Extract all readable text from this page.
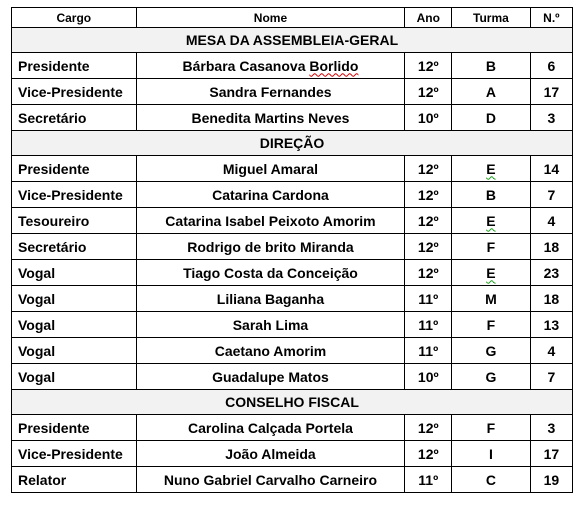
Cargo	Nome	Ano	Turma	N.º
MESA DA ASSEMBLEIA-GERAL				
Presidente	Bárbara Casanova Borlido	12º	B	6
Vice-Presidente	Sandra Fernandes	12º	A	17
Secretário	Benedita Martins Neves	10º	D	3
DIREÇÃO				
Presidente	Miguel Amaral	12º	E	14
Vice-Presidente	Catarina Cardona	12º	B	7
Tesoureiro	Catarina Isabel Peixoto Amorim	12º	E	4
Secretário	Rodrigo de brito Miranda	12º	F	18
Vogal	Tiago Costa da Conceição	12º	E	23
Vogal	Liliana Baganha	11º	M	18
Vogal	Sarah Lima	11º	F	13
Vogal	Caetano Amorim	11º	G	4
Vogal	Guadalupe Matos	10º	G	7
CONSELHO FISCAL				
Presidente	Carolina Calçada Portela	12º	F	3
Vice-Presidente	João Almeida	12º	I	17
Relator	Nuno Gabriel Carvalho Carneiro	11º	C	19
